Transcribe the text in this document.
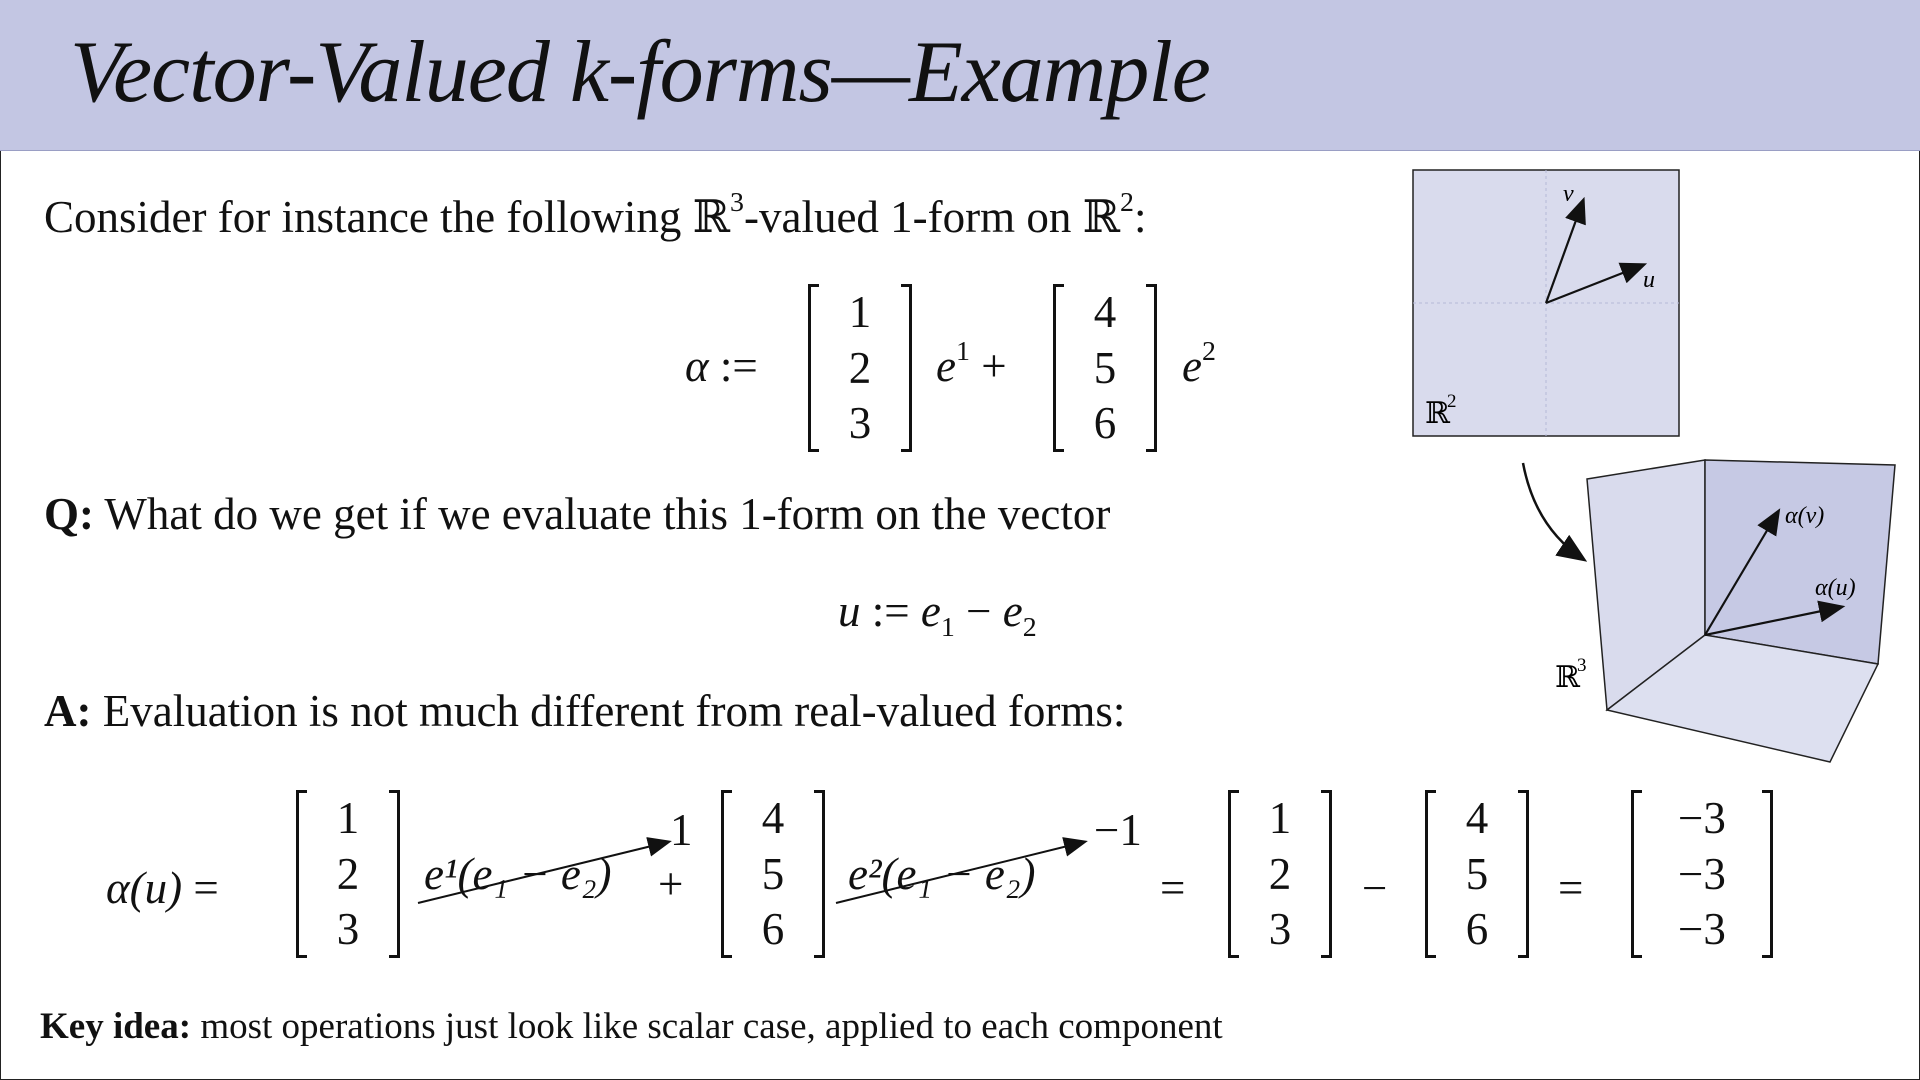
Vector-Valued k-forms—Example
Consider for instance the following ℝ$^3$-valued 1-form on ℝ$^2$:
α :=
1
2
3
$e^1$ +
4
5
6
$e^2$
Q: What do we get if we evaluate this 1-form on the vector
u := $e_1 - e_2$
A: Evaluation is not much different from real-valued forms:
α(u) =
1
2
3
e¹(e₁ − e₂)
1
+
4
5
6
e²(e₁ − e₂)
−1
=
1
2
3
−
4
5
6
=
−3
−3
−3
Key idea: most operations just look like scalar case, applied to each component
v
u
ℝ
2
α(v)
α(u)
ℝ
3
